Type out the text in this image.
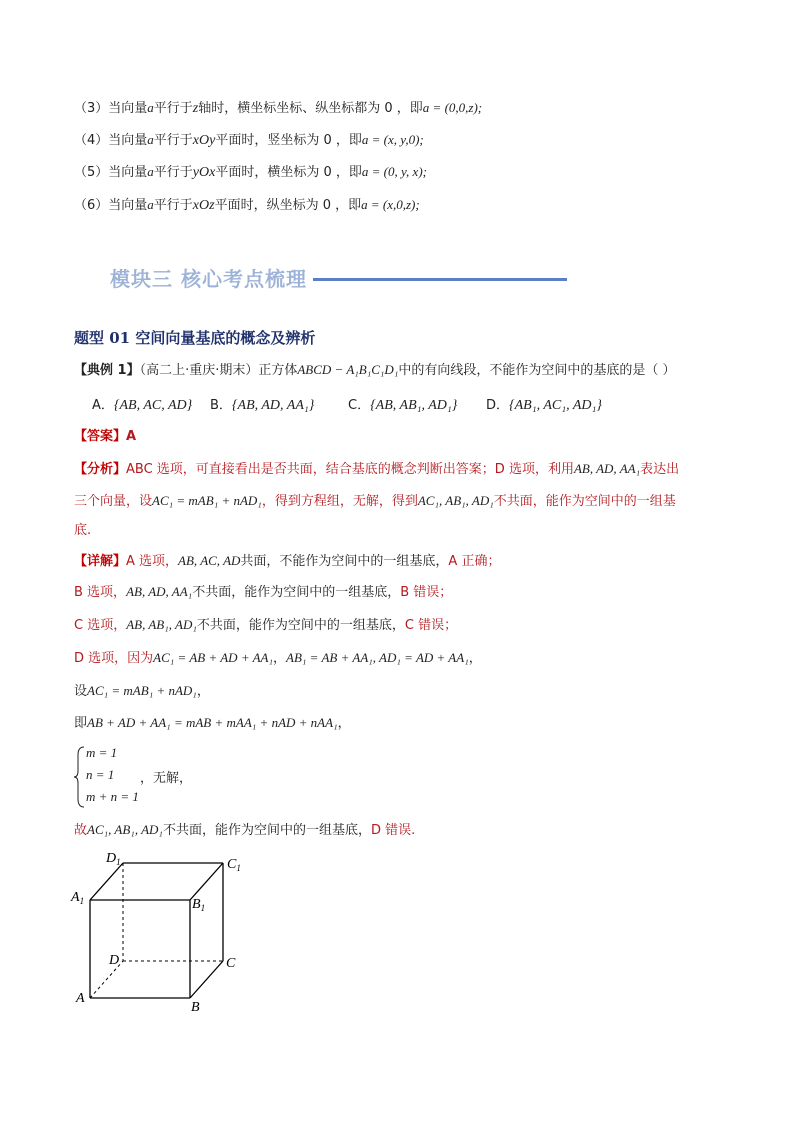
（3）当向量a平行于z轴时，横坐标坐标、纵坐标都为 0 ，即a = (0,0,z);
（4）当向量a平行于xOy平面时，竖坐标为 0 ，即a = (x, y,0);
（5）当向量a平行于yOx平面时，横坐标为 0 ，即a = (0, y, x);
（6）当向量a平行于xOz平面时，纵坐标为 0 ，即a = (x,0,z);
模块三 核心考点梳理
题型 01 空间向量基底的概念及辨析
【典例 1】（高二上·重庆·期末）正方体ABCD − A₁B₁C₁D₁中的有向线段，不能作为空间中的基底的是（ ）
A．{AB, AC, AD} B．{AB, AD, AA₁}	C．{AB, AB₁, AD₁} D．{AB₁, AC₁, AD₁}
【答案】A
【分析】ABC 选项，可直接看出是否共面，结合基底的概念判断出答案；D 选项，利用AB, AD, AA₁表达出
三个向量，设AC₁ = mAB₁ + nAD₁，得到方程组，无解，得到AC₁, AB₁, AD₁不共面，能作为空间中的一组基
底.
【详解】A 选项，AB, AC, AD共面，不能作为空间中的一组基底，A 正确；
B 选项，AB, AD, AA₁不共面，能作为空间中的一组基底，B 错误；
C 选项，AB, AB₁, AD₁不共面，能作为空间中的一组基底，C 错误；
D 选项，因为AC₁ = AB + AD + AA₁，AB₁ = AB + AA₁, AD₁ = AD + AA₁，
设AC₁ = mAB₁ + nAD₁，
即AB + AD + AA₁ = mAB + mAA₁ + nAD + nAA₁，
m = 1
n = 1
m + n = 1
，无解，
故AC₁, AB₁, AD₁不共面，能作为空间中的一组基底，D 错误.
$D_1$	$C_1$
$A_1$	$B_1$
D	C
A
B
